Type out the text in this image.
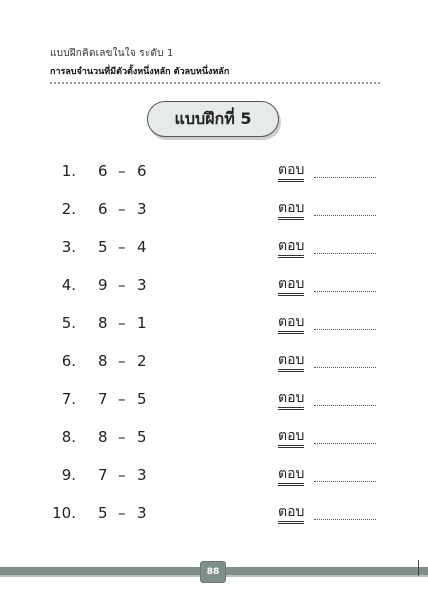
แบบฝึกคิดเลขในใจ ระดับ 1
การลบจำนวนที่มีตัวตั้งหนึ่งหลัก ตัวลบหนึ่งหลัก
แบบฝึกที่ 5
1. 6 – 6	ตอบ
2. 6 – 3	ตอบ
3. 5 – 4	ตอบ
4. 9 – 3	ตอบ
5. 8 – 1	ตอบ
6. 8 – 2	ตอบ
7. 7 – 5	ตอบ
8. 8 – 5	ตอบ
9. 7 – 3	ตอบ
10. 5 – 3	ตอบ
88
